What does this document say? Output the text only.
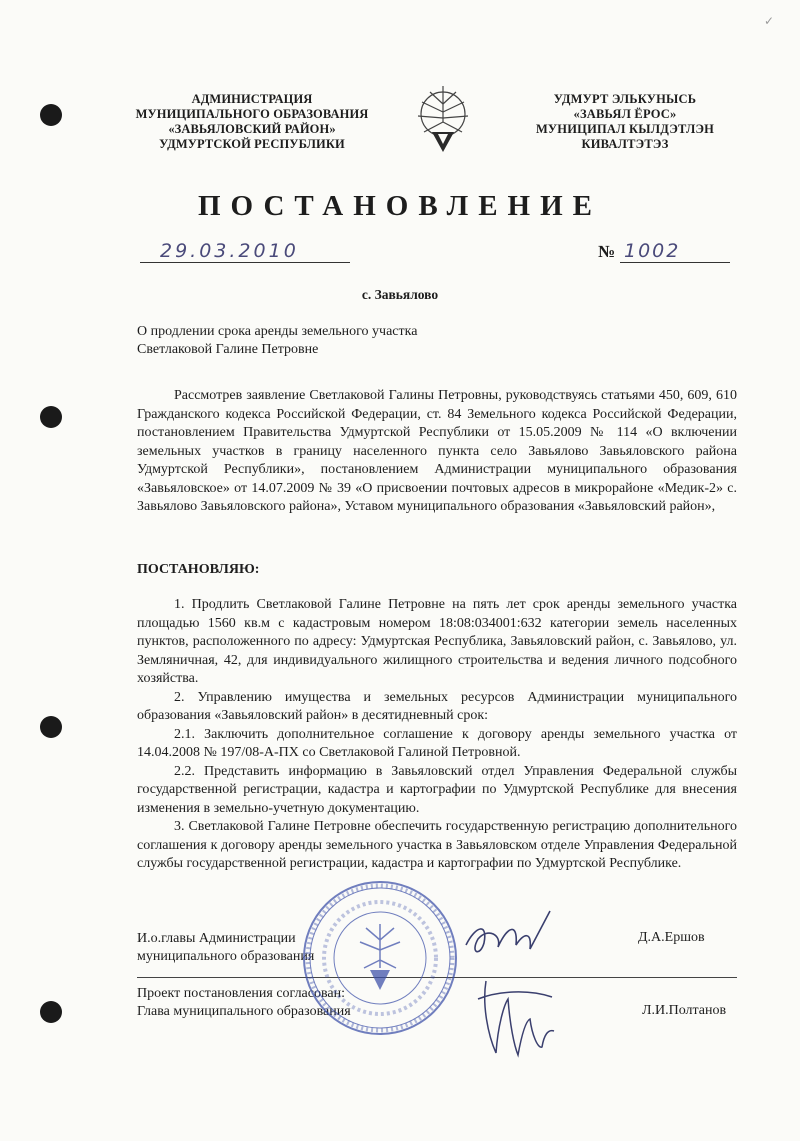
✓
АДМИНИСТРАЦИЯ
МУНИЦИПАЛЬНОГО ОБРАЗОВАНИЯ
«ЗАВЬЯЛОВСКИЙ РАЙОН»
УДМУРТСКОЙ РЕСПУБЛИКИ
УДМУРТ ЭЛЬКУНЫСЬ
«ЗАВЬЯЛ ЁРОС»
МУНИЦИПАЛ КЫЛДЭТЛЭН
КИВАЛТЭТЭЗ
ПОСТАНОВЛЕНИЕ
29.03.2010	№ 1002
с. Завьялово
О продлении срока аренды земельного участка
Светлаковой Галине Петровне
Рассмотрев заявление Светлаковой Галины Петровны, руководствуясь статьями 450, 609, 610 Гражданского кодекса Российской Федерации, ст. 84 Земельного кодекса Российской Федерации, постановлением Правительства Удмуртской Республики от 15.05.2009 № 114 «О включении земельных участков в границу населенного пункта село Завьялово Завьяловского района Удмуртской Республики», постановлением Администрации муниципального образования «Завьяловское» от 14.07.2009 № 39 «О присвоении почтовых адресов в микрорайоне «Медик-2» с. Завьялово Завьяловского района», Уставом муниципального образования «Завьяловский район»,
ПОСТАНОВЛЯЮ:

1. Продлить Светлаковой Галине Петровне на пять лет срок аренды земельного участка площадью 1560 кв.м с кадастровым номером 18:08:034001:632 категории земель населенных пунктов, расположенного по адресу: Удмуртская Республика, Завьяловский район, с. Завьялово, ул. Земляничная, 42, для индивидуального жилищного строительства и ведения личного подсобного хозяйства.

2. Управлению имущества и земельных ресурсов Администрации муниципального образования «Завьяловский район» в десятидневный срок:

2.1. Заключить дополнительное соглашение к договору аренды земельного участка от 14.04.2008 № 197/08-А-ПХ со Светлаковой Галиной Петровной.

2.2. Представить информацию в Завьяловский отдел Управления Федеральной службы государственной регистрации, кадастра и картографии по Удмуртской Республике для внесения изменения в земельно-учетную документацию.

3. Светлаковой Галине Петровне обеспечить государственную регистрацию дополнительного соглашения к договору аренды земельного участка в Завьяловском отделе Управления Федеральной службы государственной регистрации, кадастра и картографии по Удмуртской Республике.

И.о.главы Администрации
муниципального образования
Д.А.Ершов
Проект постановления согласован:
Глава муниципального образования	Л.И.Полтанов
